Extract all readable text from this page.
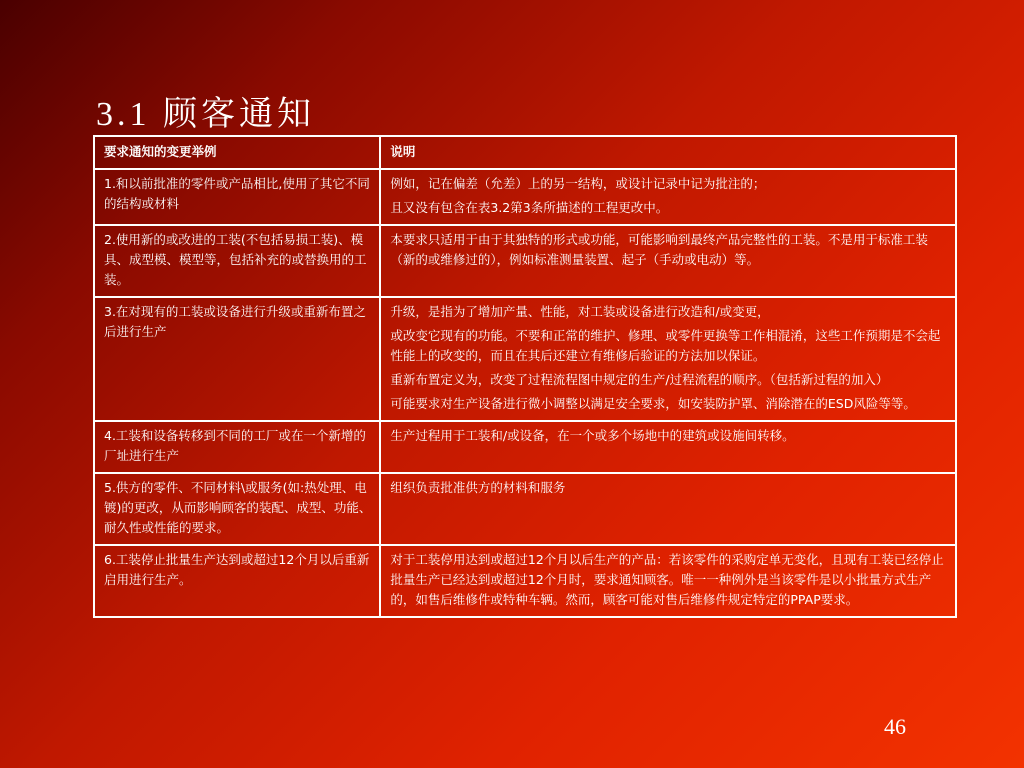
3.1 顾客通知
要求通知的变更举例	说明
1.和以前批准的零件或产品相比,使用了其它不同的结构或材料	例如，记在偏差（允差）上的另一结构，或设计记录中记为批注的；
且又没有包含在表3.2第3条所描述的工程更改中。

2.使用新的或改进的工装(不包括易损工装)、模具、成型模、模型等，包括补充的或替换用的工装。	本要求只适用于由于其独特的形式或功能，可能影响到最终产品完整性的工装。不是用于标准工装（新的或维修过的），例如标准测量装置、起子（手动或电动）等。

3.在对现有的工装或设备进行升级或重新布置之后进行生产	升级，是指为了增加产量、性能，对工装或设备进行改造和/或变更，
或改变它现有的功能。不要和正常的维护、修理、或零件更换等工作相混淆，这些工作预期是不会起性能上的改变的，而且在其后还建立有维修后验证的方法加以保证。
重新布置定义为，改变了过程流程图中规定的生产/过程流程的顺序。（包括新过程的加入）
可能要求对生产设备进行微小调整以满足安全要求，如安装防护罩、消除潜在的ESD风险等等。

4.工装和设备转移到不同的工厂或在一个新增的厂址进行生产	生产过程用于工装和/或设备，在一个或多个场地中的建筑或设施间转移。

5.供方的零件、不同材料\或服务(如:热处理、电镀)的更改，从而影响顾客的装配、成型、功能、耐久性或性能的要求。	组织负责批准供方的材料和服务

6.工装停止批量生产达到或超过12个月以后重新启用进行生产。	对于工装停用达到或超过12个月以后生产的产品：若该零件的采购定单无变化，且现有工装已经停止批量生产已经达到或超过12个月时，要求通知顾客。唯一一种例外是当该零件是以小批量方式生产的，如售后维修件或特种车辆。然而，顾客可能对售后维修件规定特定的PPAP要求。
46
